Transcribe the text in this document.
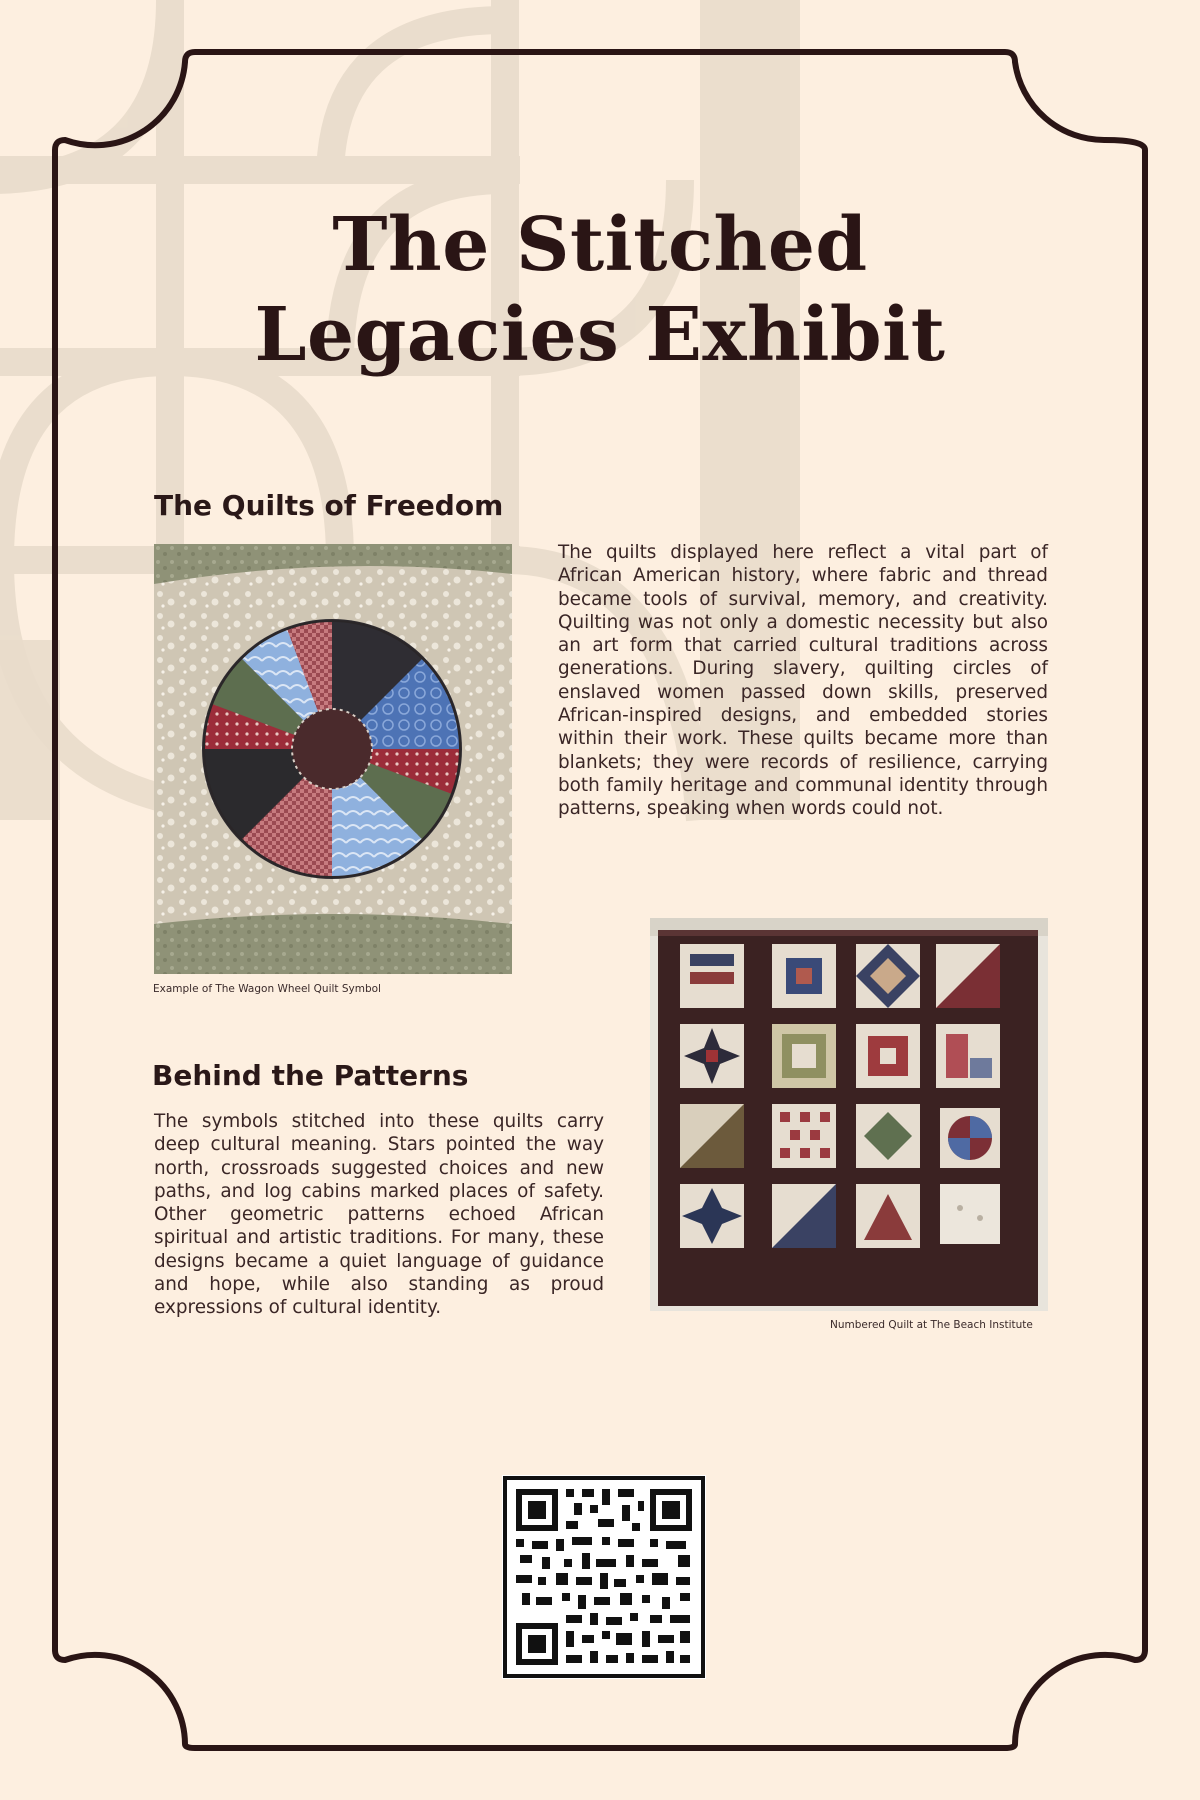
The Stitched
Legacies Exhibit
The Quilts of Freedom
Example of The Wagon Wheel Quilt Symbol
The quilts displayed here reflect a vital part of African American history, where fabric and thread became tools of survival, memory, and creativity. Quilting was not only a domestic necessity but also an art form that carried cultural traditions across generations. During slavery, quilting circles of enslaved women passed down skills, preserved African-inspired designs, and embedded stories within their work. These quilts became more than blankets; they were records of resilience, carrying both family heritage and communal identity through patterns, speaking when words could not.
Behind the Patterns
The symbols stitched into these quilts carry deep cultural meaning. Stars pointed the way north, crossroads suggested choices and new paths, and log cabins marked places of safety. Other geometric patterns echoed African spiritual and artistic traditions. For many, these designs became a quiet language of guidance and hope, while also standing as proud expressions of cultural identity.
Numbered Quilt at The Beach Institute
